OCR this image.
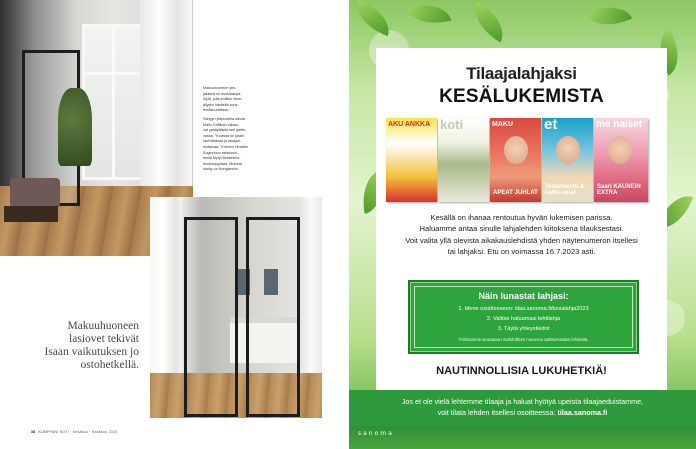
Makuuhuoneen ylei-
jakkara on huutokaupa-
löytö, joka entillöu eken-
ällyylin käsiteltä koris-
teellisuudellaan.

Sängyn yläpuolella olevat
Malin Griffithin valoku-
vat pysäyttävät hari garfie-
nassa. "Kuvissa on jotain
rauhoittavaa ja lasapai-
noittavaa." Kolmen Hindelin
Suginnbon selskonin-
teella Mytyl Bokkineloi-
huutokaupasta. Muhesa
sänky on Norrgavelin.

Makuuhuoneen lasiovet tekivät Isaan vaikutuksen jo ostohetkellä.
38 KUMPPANI KOTI · Kesäkuu · Kesäkuu 2023
Tilaajalahjaksi
KESÄLUKEMISTA
AKU ANKKA koti	MAKU
APEAT JUHLAT
et
Testamentti & kallis-asiat
me naiset
Saari KAUNEIN EXTRA
Kesällä on ihanaa rentoutua hyvän lukemisen parissa.
Haluamme antaa sinulle lahjalehden kiitoksena tilauksestasi.
Voit valita yllä olevista aikakauslehdistä yhden näytenumeron itsellesi
tai lahjaksi. Etu on voimassa 16.7.2023 asti.
Näin lunastat lahjasi:
1. Mene osoitteeseen: tilaa.sanoma.fi/kesalahja2023
2. Valitse haluamasi lehtilahja
3. Täytä yhteystiedot
Toimitamme seuraavan mahdollisen numeron valitsemastasi lehdestä.
NAUTINNOLLISIA LUKUHETKIÄ!
Jos et ole vielä lehtemme tilaaja ja haluat hyötyä upeista tilaajaeduistamme,
voit tilata lehden itsellesi osoitteessa: tilaa.sanoma.fi
sanoma
